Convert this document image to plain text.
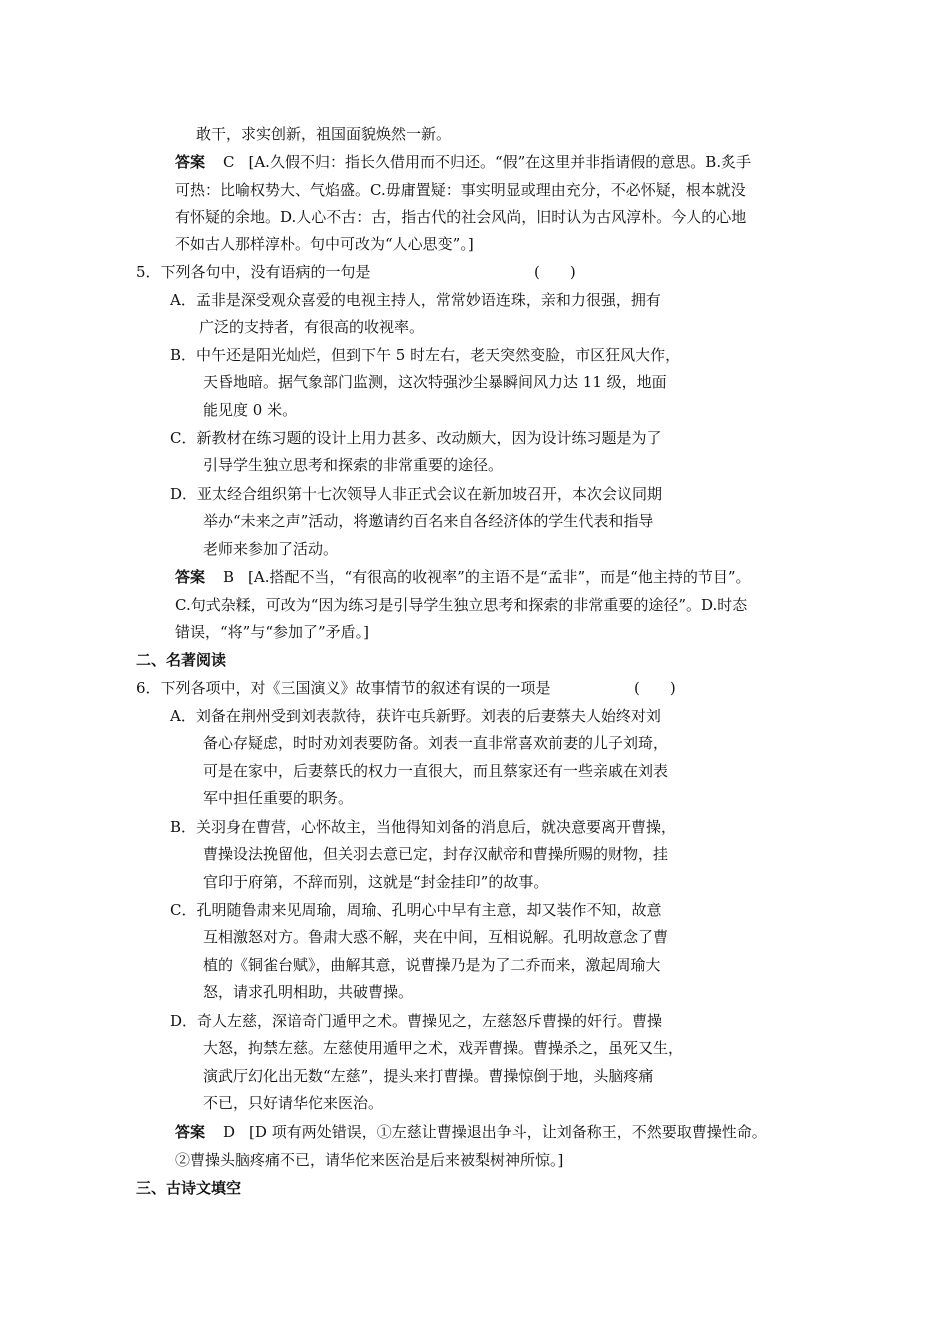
敢干，求实创新，祖国面貌焕然一新。
答案 C [A.久假不归：指长久借用而不归还。“假”在这里并非指请假的意思。B.炙手
可热：比喻权势大、气焰盛。C.毋庸置疑：事实明显或理由充分，不必怀疑，根本就没
有怀疑的余地。D.人心不古：古，指古代的社会风尚，旧时认为古风淳朴。今人的心地
不如古人那样淳朴。句中可改为“人心思变”。]
5．下列各句中，没有语病的一句是	(　　)
A．孟非是深受观众喜爱的电视主持人，常常妙语连珠，亲和力很强，拥有
广泛的支持者，有很高的收视率。
B．中午还是阳光灿烂，但到下午 5 时左右，老天突然变脸，市区狂风大作，
天昏地暗。据气象部门监测，这次特强沙尘暴瞬间风力达 11 级，地面
能见度 0 米。
C．新教材在练习题的设计上用力甚多、改动颇大，因为设计练习题是为了
引导学生独立思考和探索的非常重要的途径。
D．亚太经合组织第十七次领导人非正式会议在新加坡召开，本次会议同期
举办“未来之声”活动，将邀请约百名来自各经济体的学生代表和指导
老师来参加了活动。
答案 B [A.搭配不当，“有很高的收视率”的主语不是“孟非”，而是“他主持的节目”。
C.句式杂糅，可改为“因为练习是引导学生独立思考和探索的非常重要的途径”。D.时态
错误，“将”与“参加了”矛盾。]
二、名著阅读
6．下列各项中，对《三国演义》故事情节的叙述有误的一项是	(　　)
A．刘备在荆州受到刘表款待，获许屯兵新野。刘表的后妻蔡夫人始终对刘
备心存疑虑，时时劝刘表要防备。刘表一直非常喜欢前妻的儿子刘琦，
可是在家中，后妻蔡氏的权力一直很大，而且蔡家还有一些亲戚在刘表
军中担任重要的职务。
B．关羽身在曹营，心怀故主，当他得知刘备的消息后，就决意要离开曹操，
曹操设法挽留他，但关羽去意已定，封存汉献帝和曹操所赐的财物，挂
官印于府第，不辞而别，这就是“封金挂印”的故事。
C．孔明随鲁肃来见周瑜，周瑜、孔明心中早有主意，却又装作不知，故意
互相激怒对方。鲁肃大惑不解，夹在中间，互相说解。孔明故意念了曹
植的《铜雀台赋》，曲解其意，说曹操乃是为了二乔而来，激起周瑜大
怒，请求孔明相助，共破曹操。
D．奇人左慈，深谙奇门遁甲之术。曹操见之，左慈怒斥曹操的奸行。曹操
大怒，拘禁左慈。左慈使用遁甲之术，戏弄曹操。曹操杀之，虽死又生，
演武厅幻化出无数“左慈”，提头来打曹操。曹操惊倒于地，头脑疼痛
不已，只好请华佗来医治。
答案 D [D 项有两处错误，①左慈让曹操退出争斗，让刘备称王，不然要取曹操性命。
②曹操头脑疼痛不已，请华佗来医治是后来被梨树神所惊。]
三、古诗文填空
